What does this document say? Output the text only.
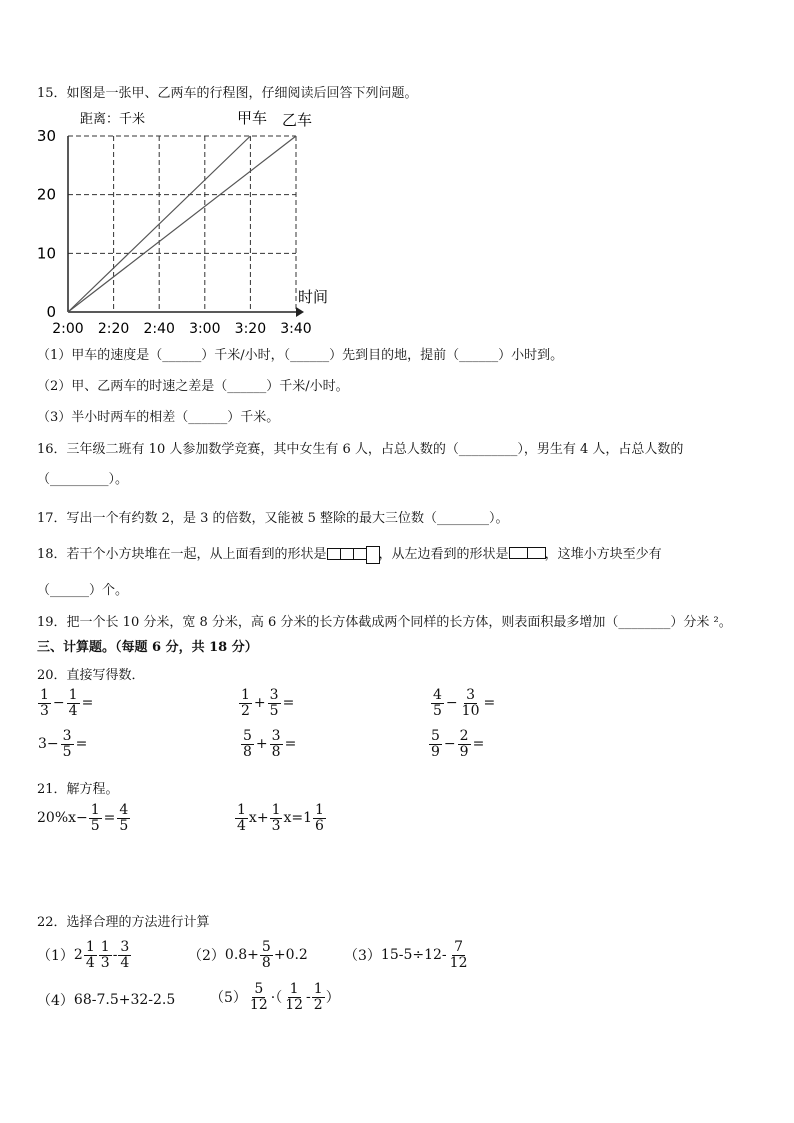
15．如图是一张甲、乙两车的行程图，仔细阅读后回答下列问题。
距离：千米	甲车 乙车
时间
30
20
10
0
2:00 2:20 2:40 3:00 3:20 3:40
（1）甲车的速度是（______）千米/小时，（______）先到目的地，提前（______）小时到。
（2）甲、乙两车的时速之差是（______）千米/小时。
（3）半小时两车的相差（______）千米。
16．三年级二班有 10 人参加数学竞赛，其中女生有 6 人，占总人数的（_________），男生有 4 人，占总人数的
（_________）。
17．写出一个有约数 2，是 3 的倍数，又能被 5 整除的最大三位数（________）。
18．若干个小方块堆在一起，从上面看到的形状是	，从左边看到的形状是	，这堆小方块至少有
（______）个。
19．把一个长 10 分米，宽 8 分米，高 6 分米的长方体截成两个同样的长方体，则表面积最多增加（________）分米 ²。
三、计算题。（每题 6 分，共 18 分）
20．直接写得数．
$\frac{1}{3} - \frac{1}{4}$ =	$\frac{1}{2} + \frac{3}{5}$ =	$\frac{4}{5} - \frac{3}{10}$ =
$3- \frac{3}{5}$ =	$\frac{5}{8} + \frac{3}{8}$ =	$\frac{5}{9} - \frac{2}{9}$ =
21．解方程。
$20\%x- \frac{1}{5} = \frac{4}{5}$	$\frac{1}{4} x+ \frac{1}{3} x= 1 \frac{1}{6}$
22．选择合理的方法进行计算
（1） $2 \frac{1}{4} \frac{1}{3} - \frac{3}{4}$	（2） $0.8+ \frac{5}{8} +0.2$	（3） $15-5\div 12- \frac{7}{12}$
（4） 68-7.5+32-2.5 $(5) \frac{5}{12}$ ·（ $\frac{1}{12} - \frac{1}{2}$ ）
